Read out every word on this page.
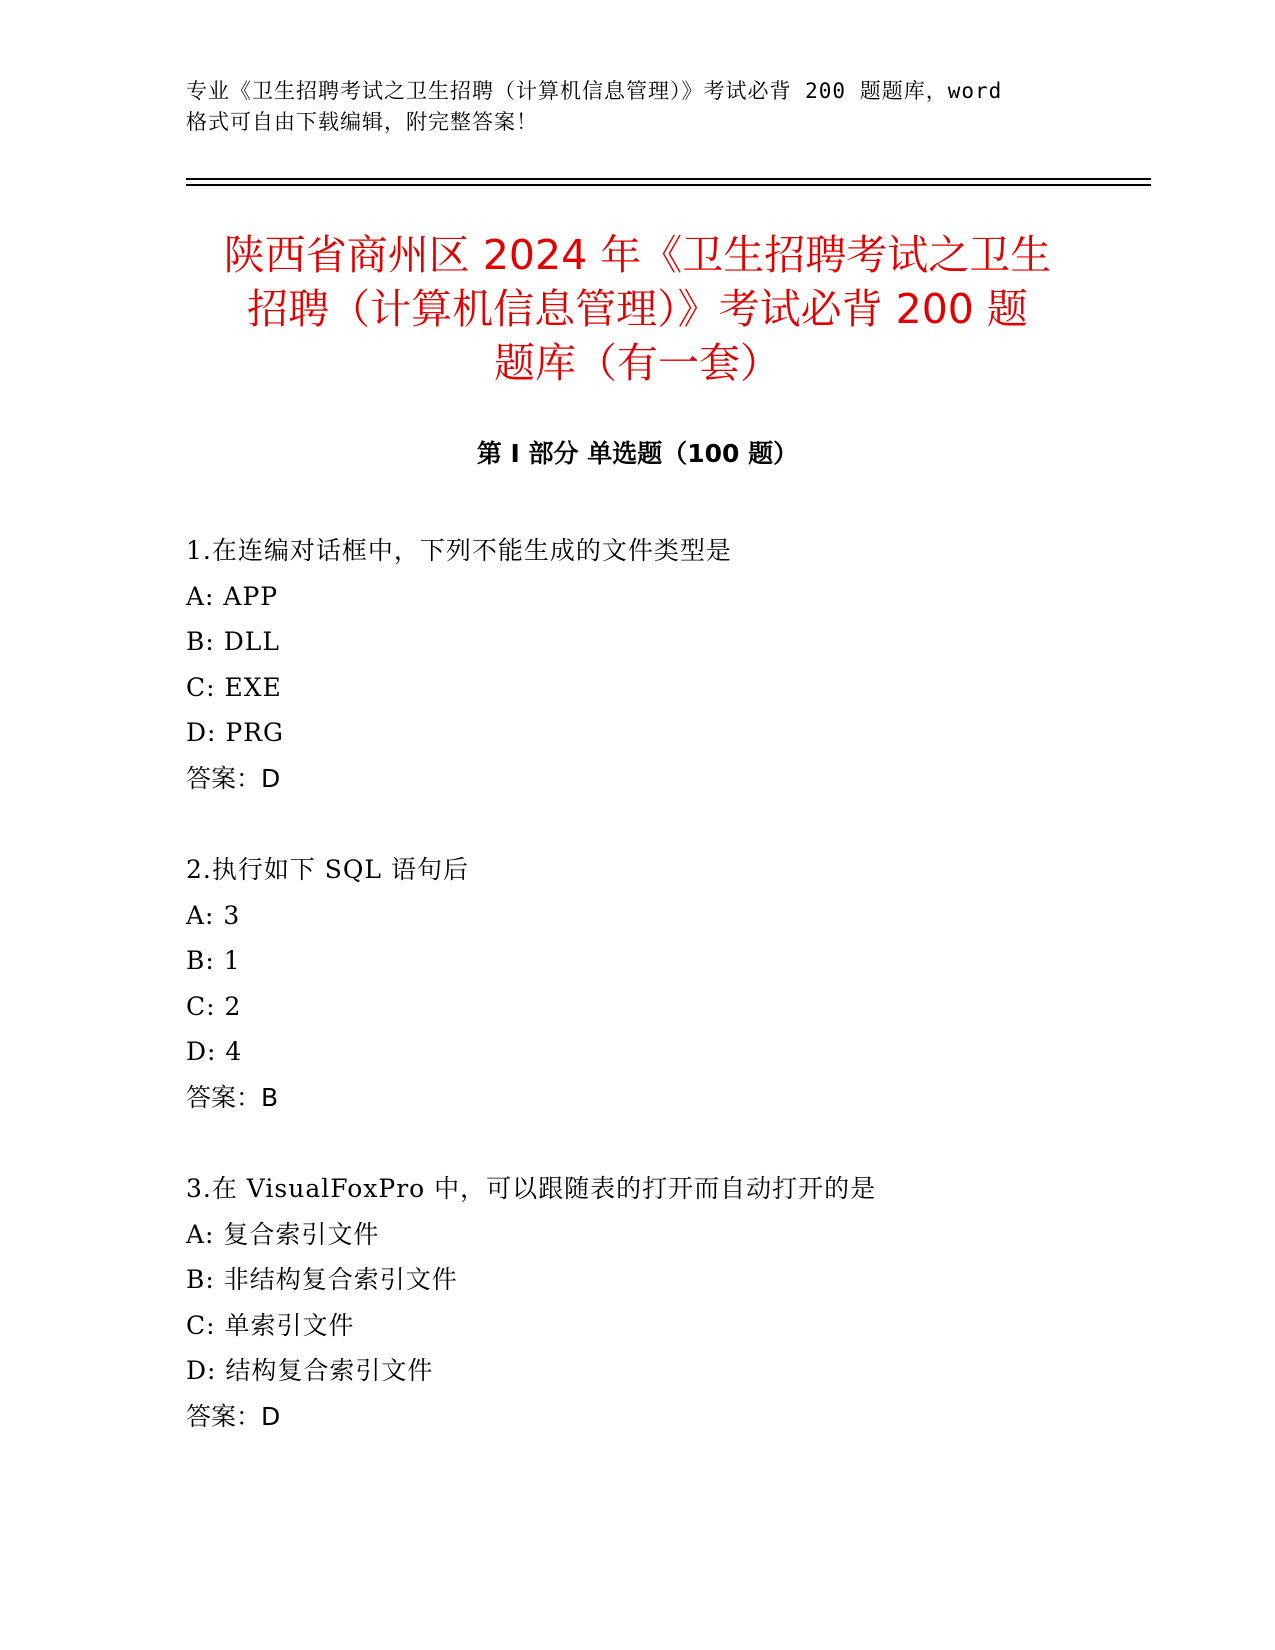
专业《卫生招聘考试之卫生招聘（计算机信息管理）》考试必背 200 题题库，word
格式可自由下载编辑，附完整答案！
陕西省商州区 2024 年《卫生招聘考试之卫生
招聘（计算机信息管理）》考试必背 200 题
题库（有一套）
第 I 部分 单选题（100 题）
1.在连编对话框中，下列不能生成的文件类型是
A: APP
B: DLL
C: EXE
D: PRG
答案：D
2.执行如下 SQL 语句后
A: 3
B: 1
C: 2
D: 4
答案：B
3.在 VisualFoxPro 中，可以跟随表的打开而自动打开的是
A: 复合索引文件
B: 非结构复合索引文件
C: 单索引文件
D: 结构复合索引文件
答案：D
